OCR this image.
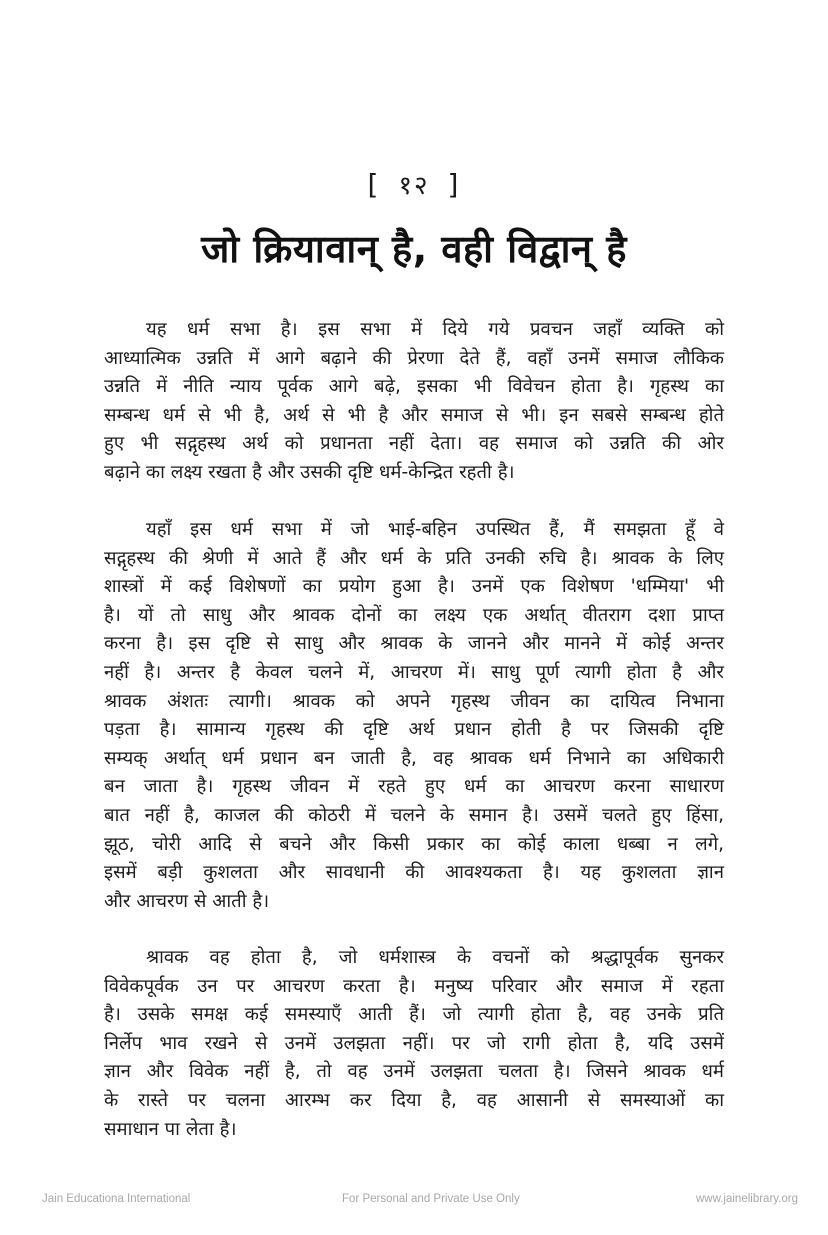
[ १२ ]
जो क्रियावान् है, वही विद्वान् है

यह धर्म सभा है। इस सभा में दिये गये प्रवचन जहाँ व्यक्ति को
आध्यात्मिक उन्नति में आगे बढ़ाने की प्रेरणा देते हैं, वहाँ उनमें समाज लौकिक
उन्नति में नीति न्याय पूर्वक आगे बढ़े, इसका भी विवेचन होता है। गृहस्थ का
सम्बन्ध धर्म से भी है, अर्थ से भी है और समाज से भी। इन सबसे सम्बन्ध होते
हुए भी सद्गृहस्थ अर्थ को प्रधानता नहीं देता। वह समाज को उन्नति की ओर
बढ़ाने का लक्ष्य रखता है और उसकी दृष्टि धर्म-केन्द्रित रहती है।

यहाँ इस धर्म सभा में जो भाई-बहिन उपस्थित हैं, मैं समझता हूँ वे
सद्गृहस्थ की श्रेणी में आते हैं और धर्म के प्रति उनकी रुचि है। श्रावक के लिए
शास्त्रों में कई विशेषणों का प्रयोग हुआ है। उनमें एक विशेषण 'धम्मिया' भी
है। यों तो साधु और श्रावक दोनों का लक्ष्य एक अर्थात् वीतराग दशा प्राप्त
करना है। इस दृष्टि से साधु और श्रावक के जानने और मानने में कोई अन्तर
नहीं है। अन्तर है केवल चलने में, आचरण में। साधु पूर्ण त्यागी होता है और
श्रावक अंशतः त्यागी। श्रावक को अपने गृहस्थ जीवन का दायित्व निभाना
पड़ता है। सामान्य गृहस्थ की दृष्टि अर्थ प्रधान होती है पर जिसकी दृष्टि
सम्यक् अर्थात् धर्म प्रधान बन जाती है, वह श्रावक धर्म निभाने का अधिकारी
बन जाता है। गृहस्थ जीवन में रहते हुए धर्म का आचरण करना साधारण
बात नहीं है, काजल की कोठरी में चलने के समान है। उसमें चलते हुए हिंसा,
झूठ, चोरी आदि से बचने और किसी प्रकार का कोई काला धब्बा न लगे,
इसमें बड़ी कुशलता और सावधानी की आवश्यकता है। यह कुशलता ज्ञान
और आचरण से आती है।

श्रावक वह होता है, जो धर्मशास्त्र के वचनों को श्रद्धापूर्वक सुनकर
विवेकपूर्वक उन पर आचरण करता है। मनुष्य परिवार और समाज में रहता
है। उसके समक्ष कई समस्याएँ आती हैं। जो त्यागी होता है, वह उनके प्रति
निर्लेप भाव रखने से उनमें उलझता नहीं। पर जो रागी होता है, यदि उसमें
ज्ञान और विवेक नहीं है, तो वह उनमें उलझता चलता है। जिसने श्रावक धर्म
के रास्ते पर चलना आरम्भ कर दिया है, वह आसानी से समस्याओं का
समाधान पा लेता है।

Jain Educationa International	For Personal and Private Use Only	www.jainelibrary.org
